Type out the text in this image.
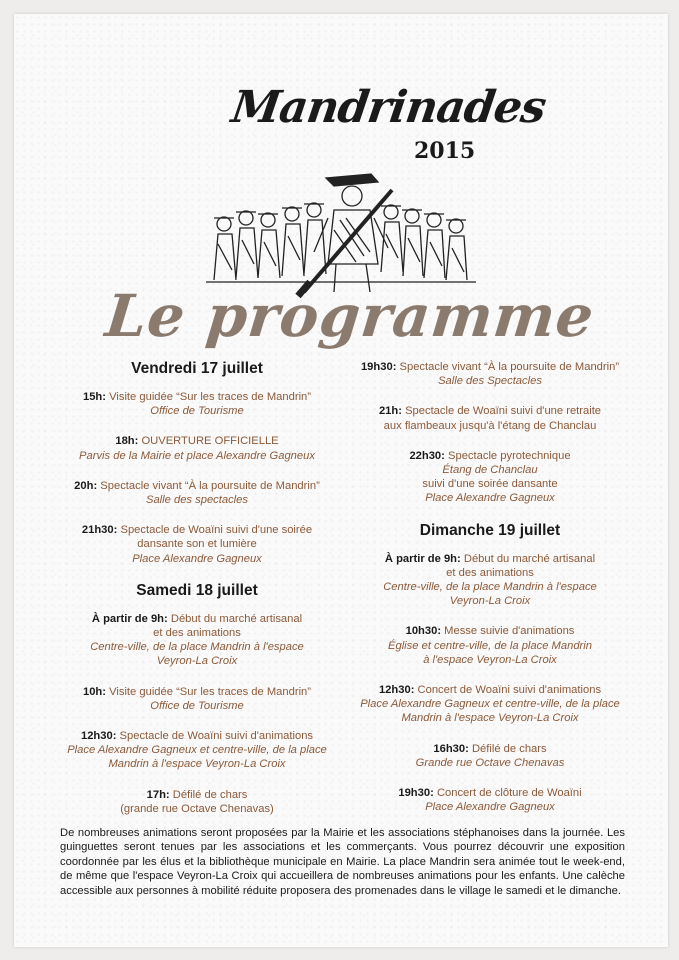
Mandrinades
2015
Le programme
Vendredi 17 juillet
15h: Visite guidée “Sur les traces de Mandrin”
Office de Tourisme
18h: OUVERTURE OFFICIELLE
Parvis de la Mairie et place Alexandre Gagneux
20h: Spectacle vivant “À la poursuite de Mandrin”
Salle des spectacles
21h30: Spectacle de Woaïni suivi d'une soirée
dansante son et lumière
Place Alexandre Gagneux
Samedi 18 juillet
À partir de 9h: Début du marché artisanal
et des animations
Centre-ville, de la place Mandrin à l'espace
Veyron-La Croix
10h: Visite guidée “Sur les traces de Mandrin”
Office de Tourisme
12h30: Spectacle de Woaïni suivi d'animations
Place Alexandre Gagneux et centre-ville, de la place
Mandrin à l'espace Veyron-La Croix
17h: Défilé de chars
(grande rue Octave Chenavas)
19h30: Spectacle vivant “À la poursuite de Mandrin”
Salle des Spectacles
21h: Spectacle de Woaïni suivi d'une retraite
aux flambeaux jusqu'à l'étang de Chanclau
22h30: Spectacle pyrotechnique
Étang de Chanclau
suivi d'une soirée dansante
Place Alexandre Gagneux
Dimanche 19 juillet
À partir de 9h: Début du marché artisanal
et des animations
Centre-ville, de la place Mandrin à l'espace
Veyron-La Croix
10h30: Messe suivie d'animations
Église et centre-ville, de la place Mandrin
à l'espace Veyron-La Croix
12h30: Concert de Woaïni suivi d'animations
Place Alexandre Gagneux et centre-ville, de la place
Mandrin à l'espace Veyron-La Croix
16h30: Défilé de chars
Grande rue Octave Chenavas
19h30: Concert de clôture de Woaïni
Place Alexandre Gagneux
De nombreuses animations seront proposées par la Mairie et les associations stéphanoises dans la journée. Les guinguettes seront tenues par les associations et les commerçants. Vous pourrez découvrir une exposition coordonnée par les élus et la bibliothèque municipale en Mairie. La place Mandrin sera animée tout le week-end, de même que l'espace Veyron-La Croix qui accueillera de nombreuses animations pour les enfants. Une calèche accessible aux personnes à mobilité réduite proposera des promenades dans le village le samedi et le dimanche.
